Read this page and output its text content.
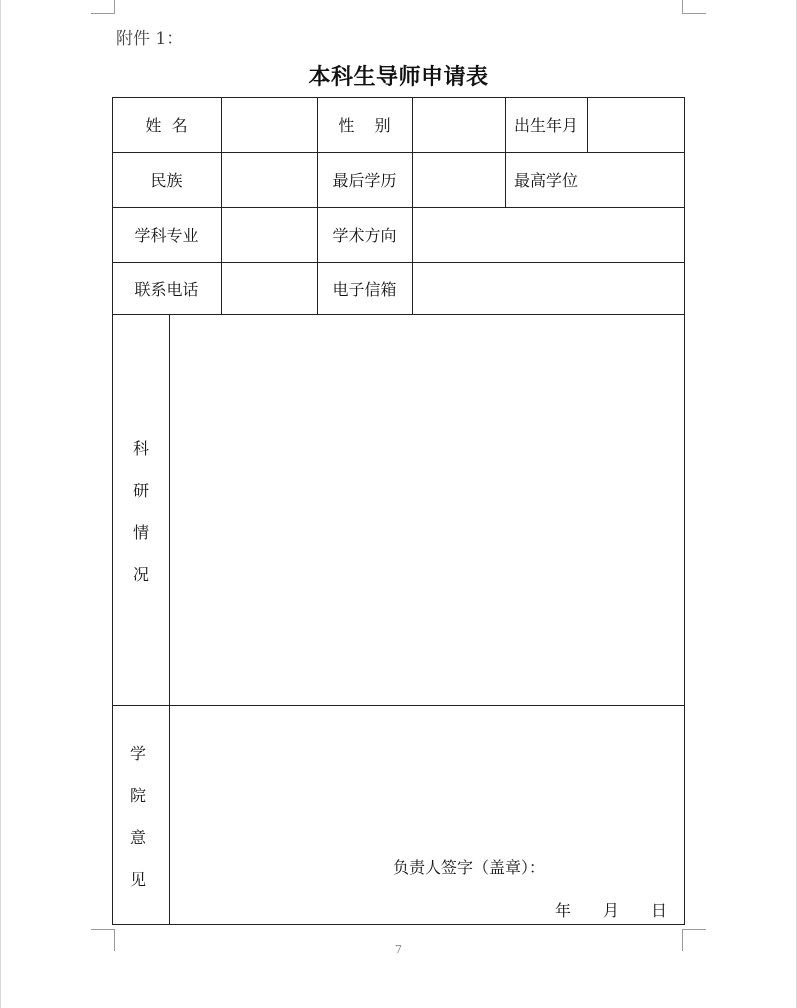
附件 1：
本科生导师申请表
姓  名	性    别	出生年月
民族	最后学历	最高学位
学科专业	学术方向
联系电话	电子信箱
科
研
情
况
学
院
意
见
负责人签字（盖章）：
年 月 日
7
